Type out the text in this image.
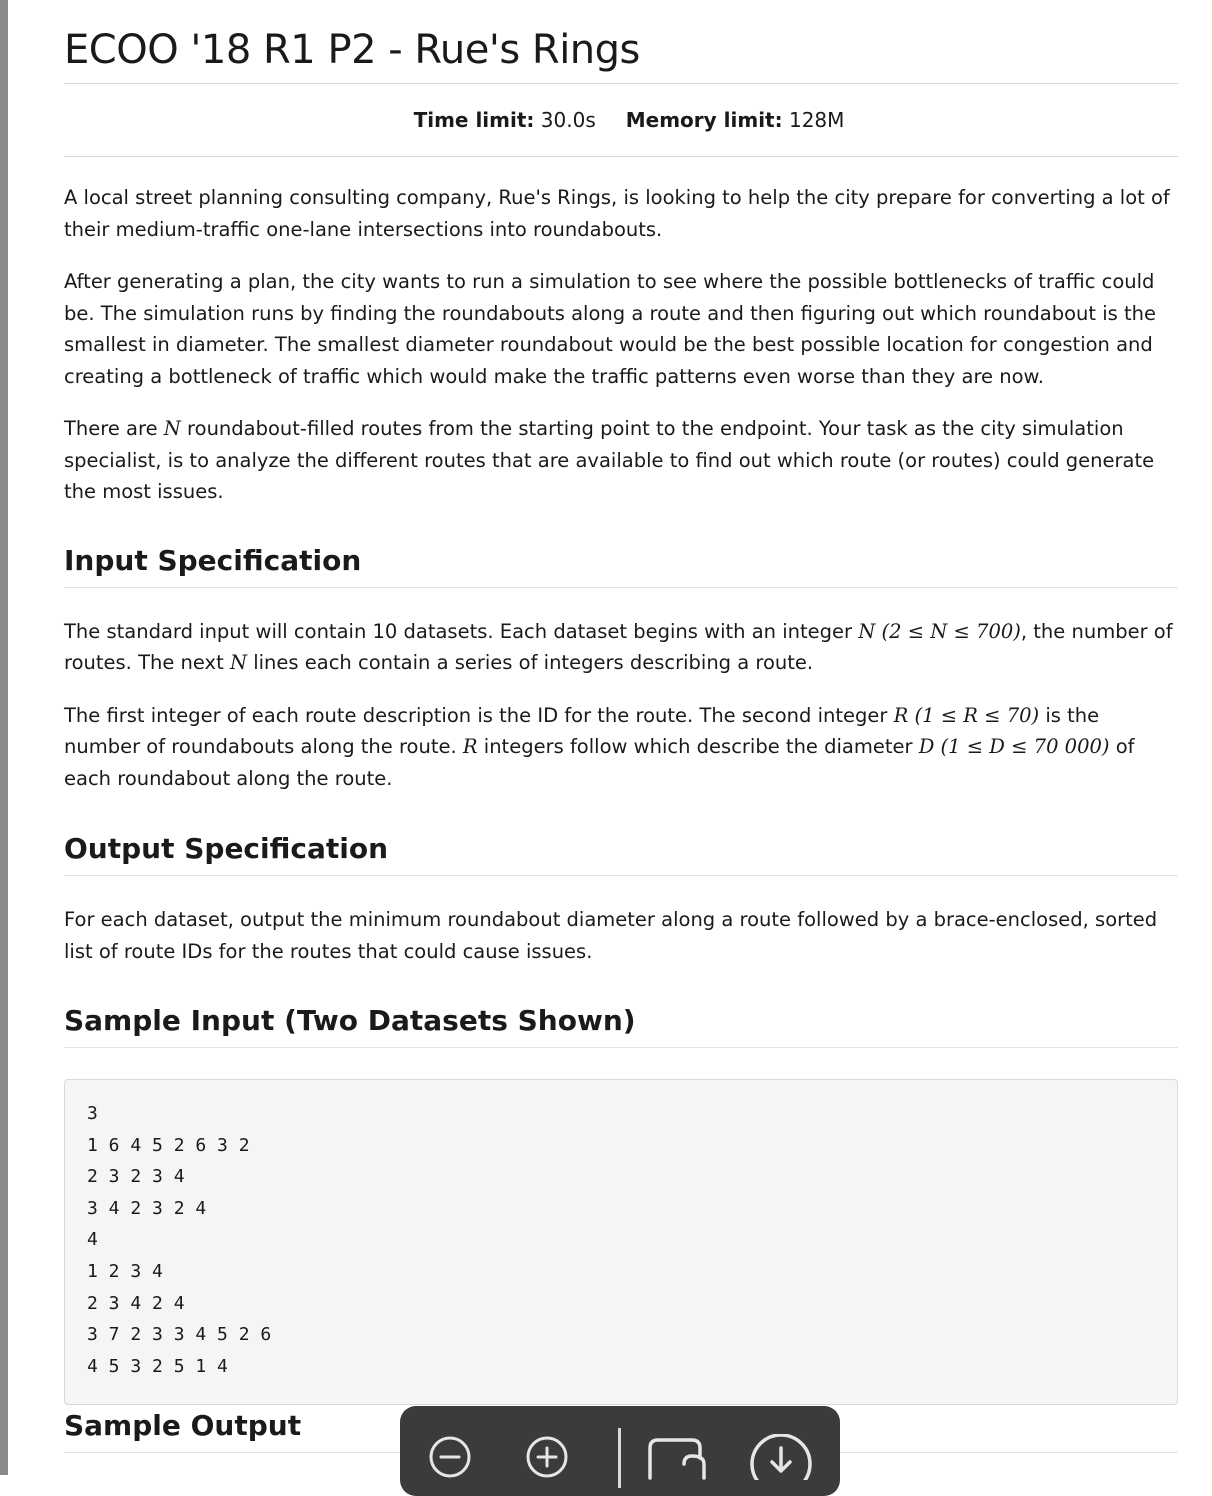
ECOO '18 R1 P2 - Rue's Rings
Time limit: 30.0s Memory limit: 128M

A local street planning consulting company, Rue's Rings, is looking to help the city prepare for converting a lot of their medium-traffic one-lane intersections into roundabouts.

After generating a plan, the city wants to run a simulation to see where the possible bottlenecks of traffic could be. The simulation runs by finding the roundabouts along a route and then figuring out which roundabout is the smallest in diameter. The smallest diameter roundabout would be the best possible location for congestion and creating a bottleneck of traffic which would make the traffic patterns even worse than they are now.

There are N roundabout-filled routes from the starting point to the endpoint. Your task as the city simulation specialist, is to analyze the different routes that are available to find out which route (or routes) could generate the most issues.

Input Specification

The standard input will contain 10 datasets. Each dataset begins with an integer N (2 ≤ N ≤ 700), the number of routes. The next N lines each contain a series of integers describing a route.

The first integer of each route description is the ID for the route. The second integer R (1 ≤ R ≤ 70) is the number of roundabouts along the route. R integers follow which describe the diameter D (1 ≤ D ≤ 70 000) of each roundabout along the route.

Output Specification

For each dataset, output the minimum roundabout diameter along a route followed by a brace-enclosed, sorted list of route IDs for the routes that could cause issues.

Sample Input (Two Datasets Shown)
3
1 6 4 5 2 6 3 2
2 3 2 3 4
3 4 2 3 2 4
4
1 2 3 4
2 3 4 2 4
3 7 2 3 3 4 5 2 6
4 5 3 2 5 1 4
Sample Output
